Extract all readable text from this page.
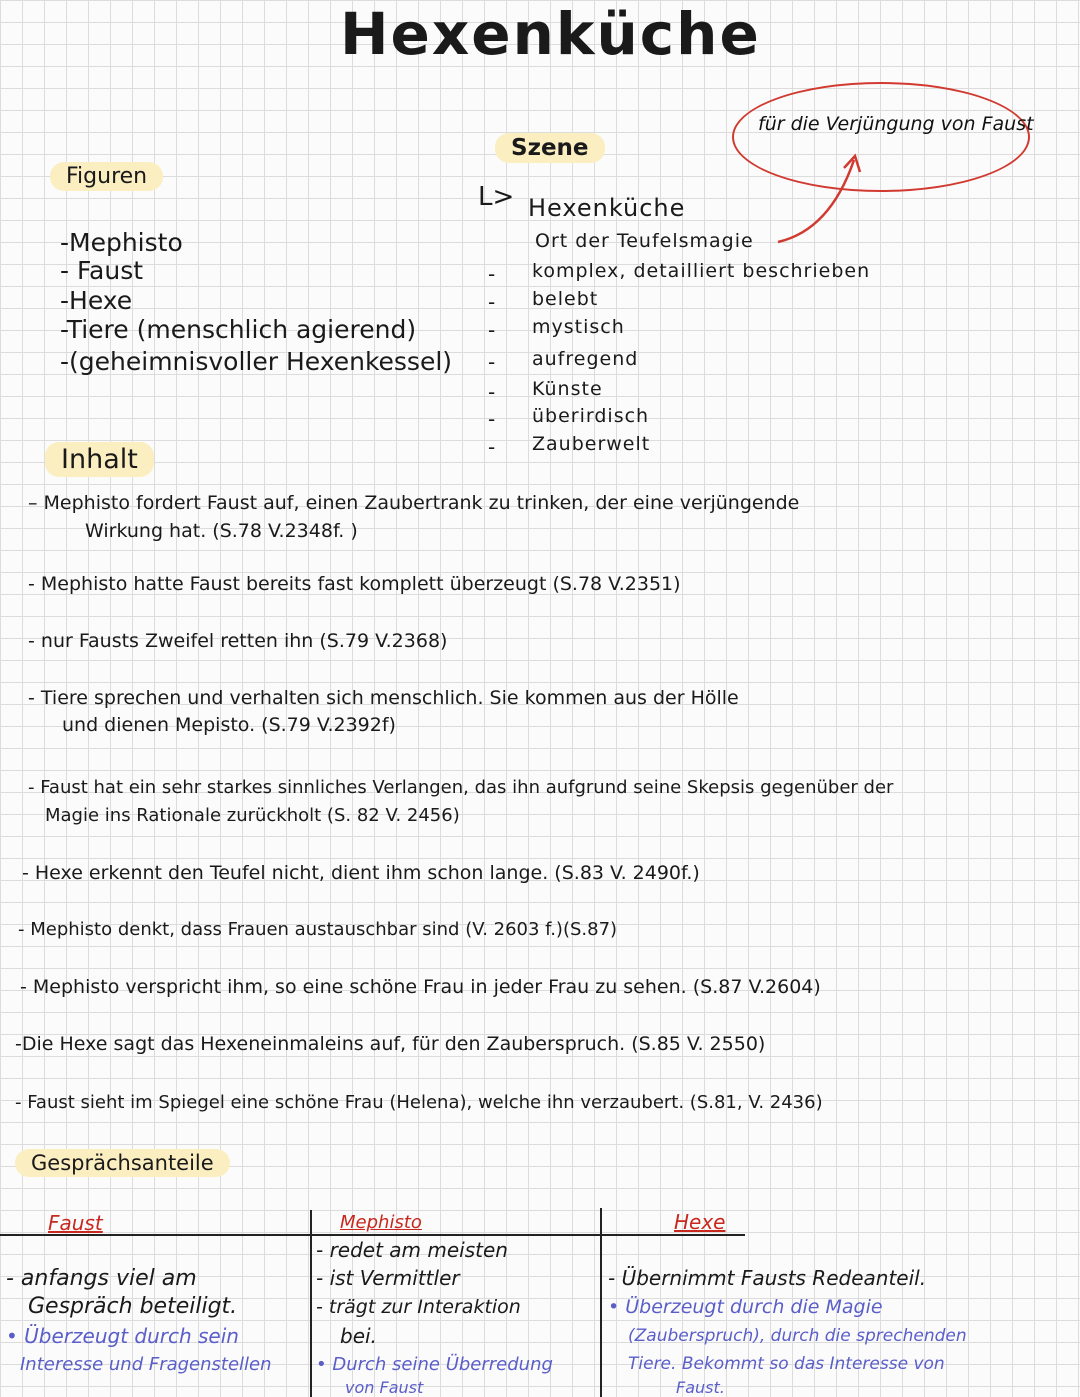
Hexenküche
Figuren
Szene
Inhalt
Gesprächsanteile
für die Verjüngung von Faust
-Mephisto
- Faust
-Hexe
-Tiere (menschlich agierend)
-(geheimnisvoller Hexenkessel)
L> Hexenküche
Ort der Teufelsmagie
- komplex, detailliert beschrieben
- belebt
- mystisch
- aufregend
- Künste
- überirdisch
- Zauberwelt
– Mephisto fordert Faust auf, einen Zaubertrank zu trinken, der eine verjüngende
Wirkung hat. (S.78 V.2348f. )
- Mephisto hatte Faust bereits fast komplett überzeugt (S.78 V.2351)
- nur Fausts Zweifel retten ihn (S.79 V.2368)
- Tiere sprechen und verhalten sich menschlich. Sie kommen aus der Hölle
und dienen Mepisto. (S.79 V.2392f)
- Faust hat ein sehr starkes sinnliches Verlangen, das ihn aufgrund seine Skepsis gegenüber der
Magie ins Rationale zurückholt (S. 82 V. 2456)
- Hexe erkennt den Teufel nicht, dient ihm schon lange. (S.83 V. 2490f.)
- Mephisto denkt, dass Frauen austauschbar sind (V. 2603 f.)(S.87)
- Mephisto verspricht ihm, so eine schöne Frau in jeder Frau zu sehen. (S.87 V.2604)
-Die Hexe sagt das Hexeneinmaleins auf, für den Zauberspruch. (S.85 V. 2550)
- Faust sieht im Spiegel eine schöne Frau (Helena), welche ihn verzaubert. (S.81, V. 2436)
Faust	Mephisto	Hexe
- anfangs viel am
Gespräch beteiligt.
• Überzeugt durch sein
Interesse und Fragenstellen
- redet am meisten
- ist Vermittler
- trägt zur Interaktion
bei.
• Durch seine Überredung
von Faust
- Übernimmt Fausts Redeanteil.
• Überzeugt durch die Magie
(Zauberspruch), durch die sprechenden
Tiere. Bekommt so das Interesse von
Faust.
